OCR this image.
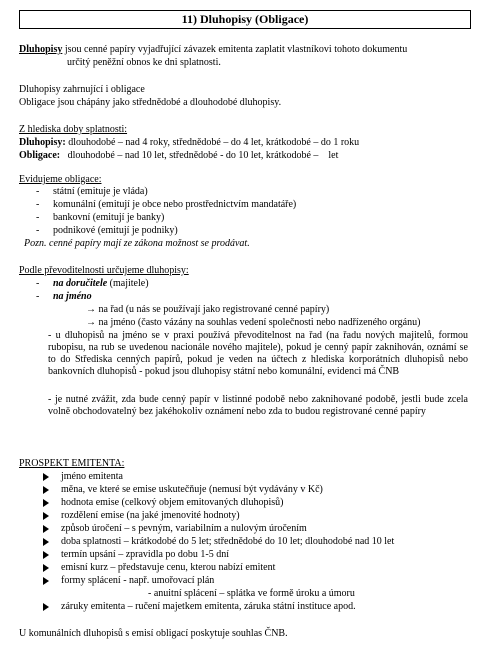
11) Dluhopisy (Obligace)
Dluhopisy jsou cenné papíry vyjadřující závazek emitenta zaplatit vlastníkovi tohoto dokumentu
určitý peněžní obnos ke dni splatnosti.
Dluhopisy zahrnující i obligace
Obligace jsou chápány jako střednědobé a dlouhodobé dluhopisy.
Z hlediska doby splatnosti:
Dluhopisy: dlouhodobé – nad 4 roky, střednědobé – do 4 let, krátkodobé – do 1 roku
Obligace:   dlouhodobé – nad 10 let, střednědobé - do 10 let, krátkodobé –    let
Evidujeme obligace:
- státní (emituje je vláda)
- komunální (emitují je obce nebo prostřednictvím mandatáře)
- bankovní (emitují je banky)
- podnikové (emitují je podniky)
Pozn. cenné papíry mají ze zákona možnost se prodávat.
Podle převoditelnosti určujeme dluhopisy:
- na doručitele (majitele)
- na jméno
→ na řad (u nás se používají jako registrované cenné papíry)
→ na jméno (často vázány na souhlas vedení společnosti nebo nadřízeného orgánu)
- u dluhopisů na jméno se v praxi používá převoditelnost na řad (na řadu nových majitelů, formou rubopisu, na rub se uvedenou nacionále nového majitele), pokud je cenný papír zaknihován, oznámí se to do Střediska cenných papírů, pokud je veden na účtech z hlediska korporátních dluhopisů nebo bankovních dluhopisů - pokud jsou dluhopisy státní nebo komunální, evidenci má ČNB
- je nutné zvážit, zda bude cenný papír v listinné podobě nebo zaknihované podobě, jestli bude zcela volně obchodovatelný bez jakéhokoliv oznámení nebo zda to budou registrované cenné papíry
PROSPEKT EMITENTA:
jméno emitenta
měna, ve které se emise uskutečňuje (nemusí být vydávány v Kč)
hodnota emise (celkový objem emitovaných dluhopisů)
rozdělení emise (na jaké jmenovité hodnoty)
způsob úročení – s pevným, variabilním a nulovým úročením
doba splatnosti – krátkodobé do 5 let; střednědobé do 10 let; dlouhodobé nad 10 let
termín upsání – zpravidla po dobu 1-5 dní
emisní kurz – představuje cenu, kterou nabízí emitent
formy splácení - např. umořovací plán
- anuitní splácení – splátka ve formě úroku a úmoru
záruky emitenta – ručení majetkem emitenta, záruka státní instituce apod.
U komunálních dluhopisů s emisí obligací poskytuje souhlas ČNB.
